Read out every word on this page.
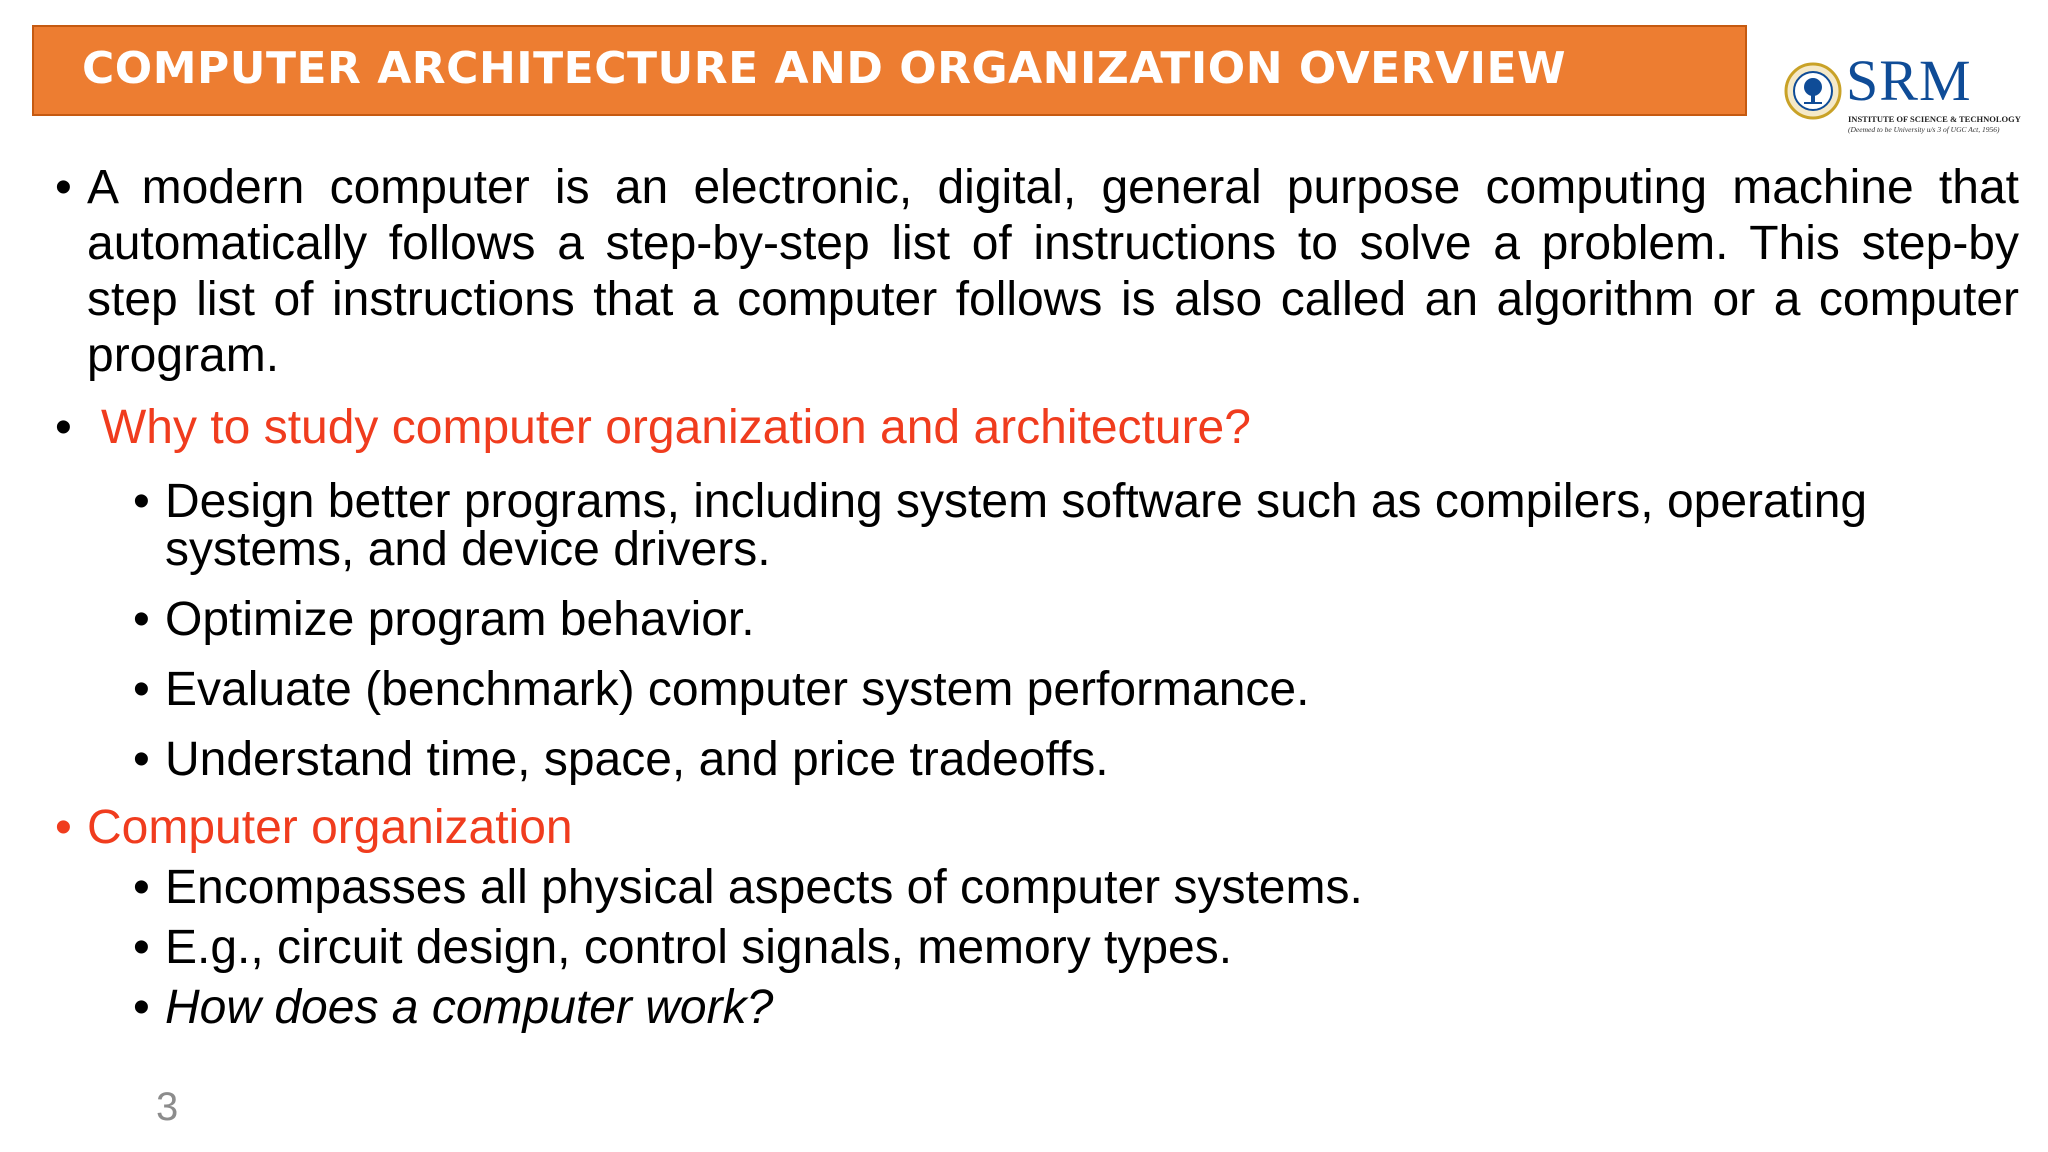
COMPUTER ARCHITECTURE AND ORGANIZATION OVERVIEW	SRM
INSTITUTE OF SCIENCE & TECHNOLOGY
(Deemed to be University u/s 3 of UGC Act, 1956)
• A modern computer is an electronic, digital, general purpose computing machine that automatically follows a step-by-step list of instructions to solve a problem. This step-by step list of instructions that a computer follows is also called an algorithm or a computer program.
• Why to study computer organization and architecture?
• Design better programs, including system software such as compilers, operating systems, and device drivers.
• Optimize program behavior.
• Evaluate (benchmark) computer system performance.
• Understand time, space, and price tradeoffs.
• Computer organization
• Encompasses all physical aspects of computer systems.
• E.g., circuit design, control signals, memory types.
• How does a computer work?
3
